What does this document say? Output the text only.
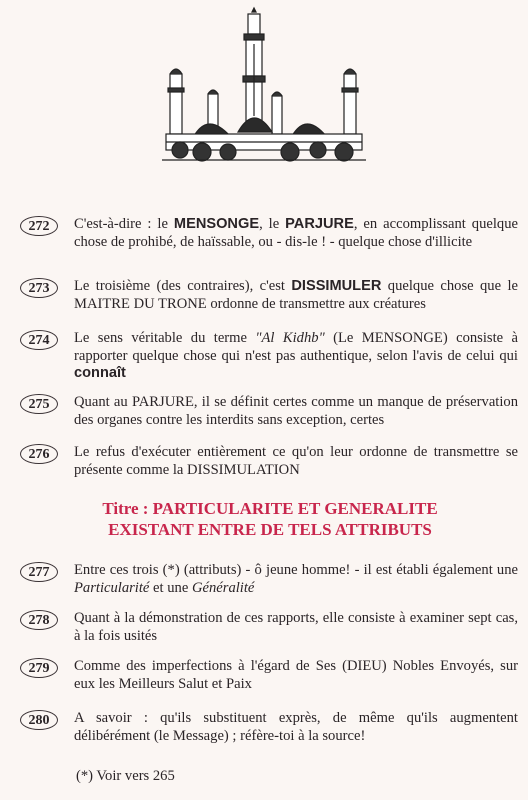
272	C'est-à-dire : le MENSONGE, le PARJURE, en accomplissant quelque chose de prohibé, de haïssable, ou - dis-le ! - quelque chose d'illicite
273	Le troisième (des contraires), c'est DISSIMULER quelque chose que le MAITRE DU TRONE ordonne de transmettre aux créatures
274	Le sens véritable du terme "Al Kidhb" (Le MENSONGE) consiste à rapporter quelque chose qui n'est pas authentique, selon l'avis de celui qui connaît
275	Quant au PARJURE, il se définit certes comme un manque de préservation des organes contre les interdits sans exception, certes
276	Le refus d'exécuter entièrement ce qu'on leur ordonne de transmettre se présente comme la DISSIMULATION
277	Entre ces trois (*) (attributs) - ô jeune homme! - il est établi également une Particularité et une Généralité
278	Quant à la démonstration de ces rapports, elle consiste à examiner sept cas, à la fois usités
279	Comme des imperfections à l'égard de Ses (DIEU) Nobles Envoyés, sur eux les Meilleurs Salut et Paix
280	A savoir : qu'ils substituent exprès, de même qu'ils augmentent délibérément (le Message) ; réfère-toi à la source!
Titre : PARTICULARITE ET GENERALITE
EXISTANT ENTRE DE TELS ATTRIBUTS
(*) Voir vers 265
